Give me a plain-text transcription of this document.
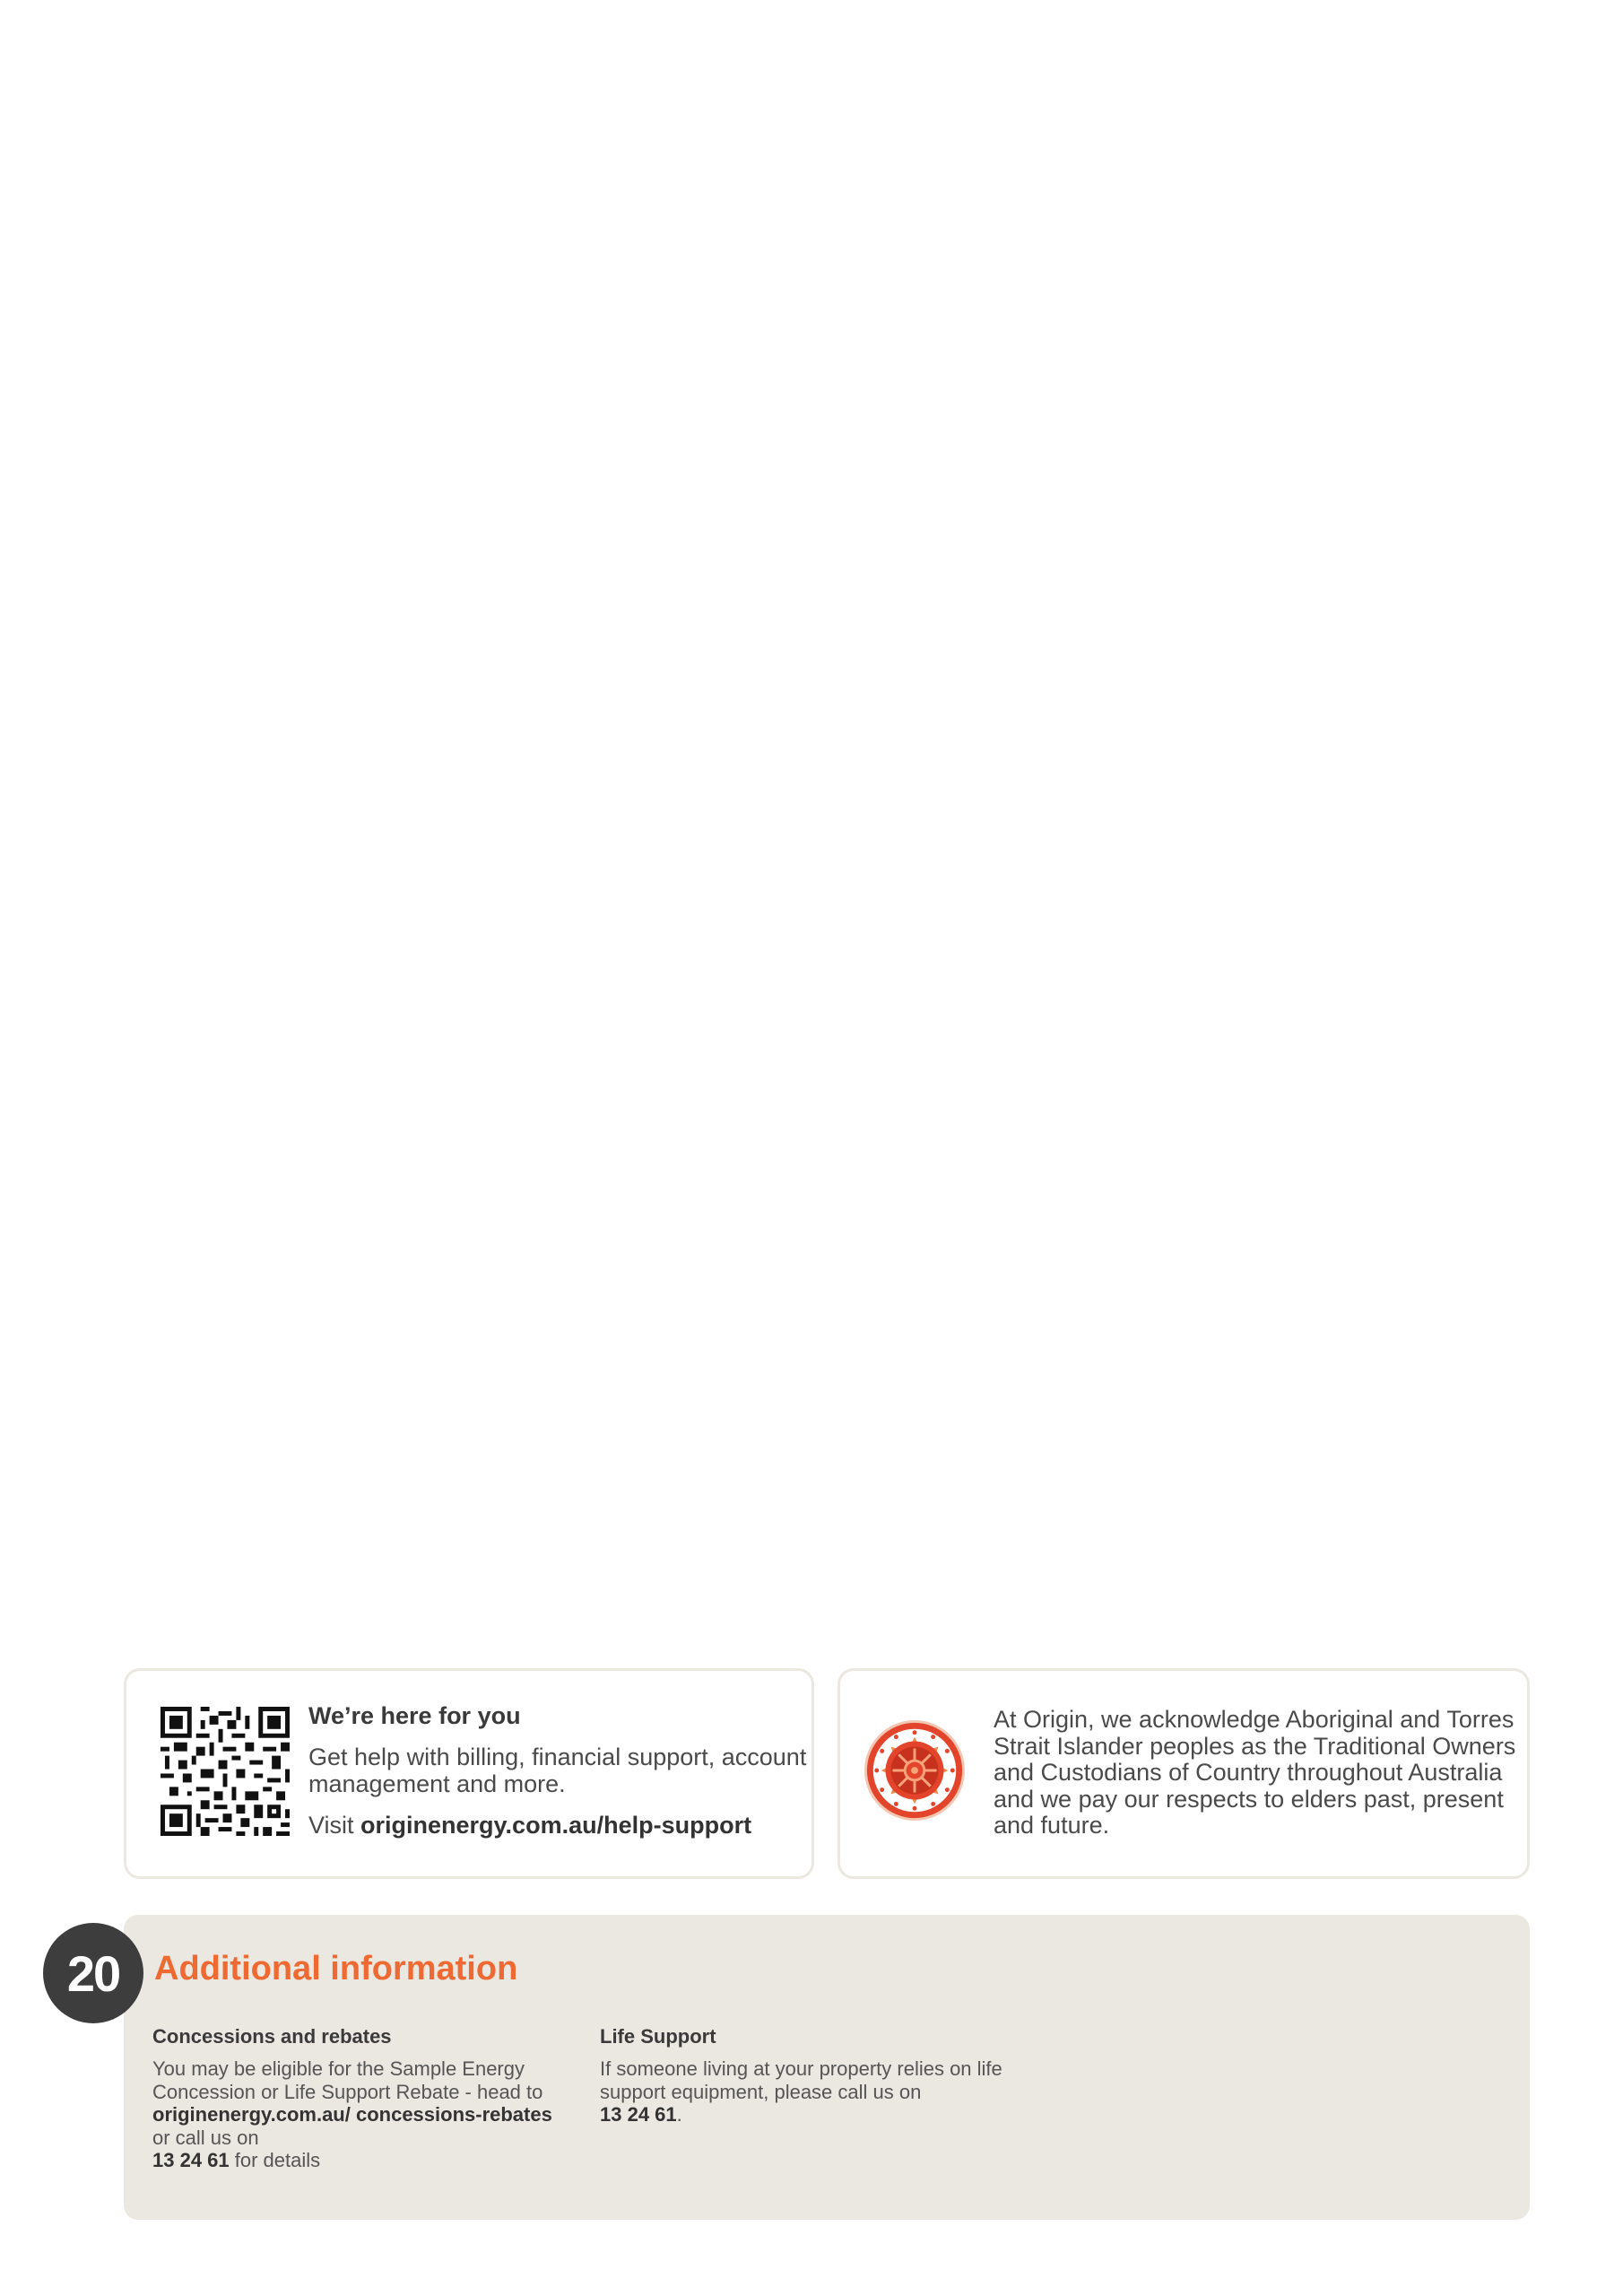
We’re here for you

Get help with billing, financial support, account management and more.

Visit originenergy.com.au/help-support

At Origin, we acknowledge Aboriginal and Torres Strait Islander peoples as the Traditional Owners and Custodians of Country throughout Australia and we pay our respects to elders past, present and future.

20	Additional information

Concessions and rebates

You may be eligible for the Sample Energy Concession or Life Support Rebate - head to originenergy.com.au/ concessions-rebates or call us on
13 24 61 for details

Life Support

If someone living at your property relies on life support equipment, please call us on
13 24 61.
